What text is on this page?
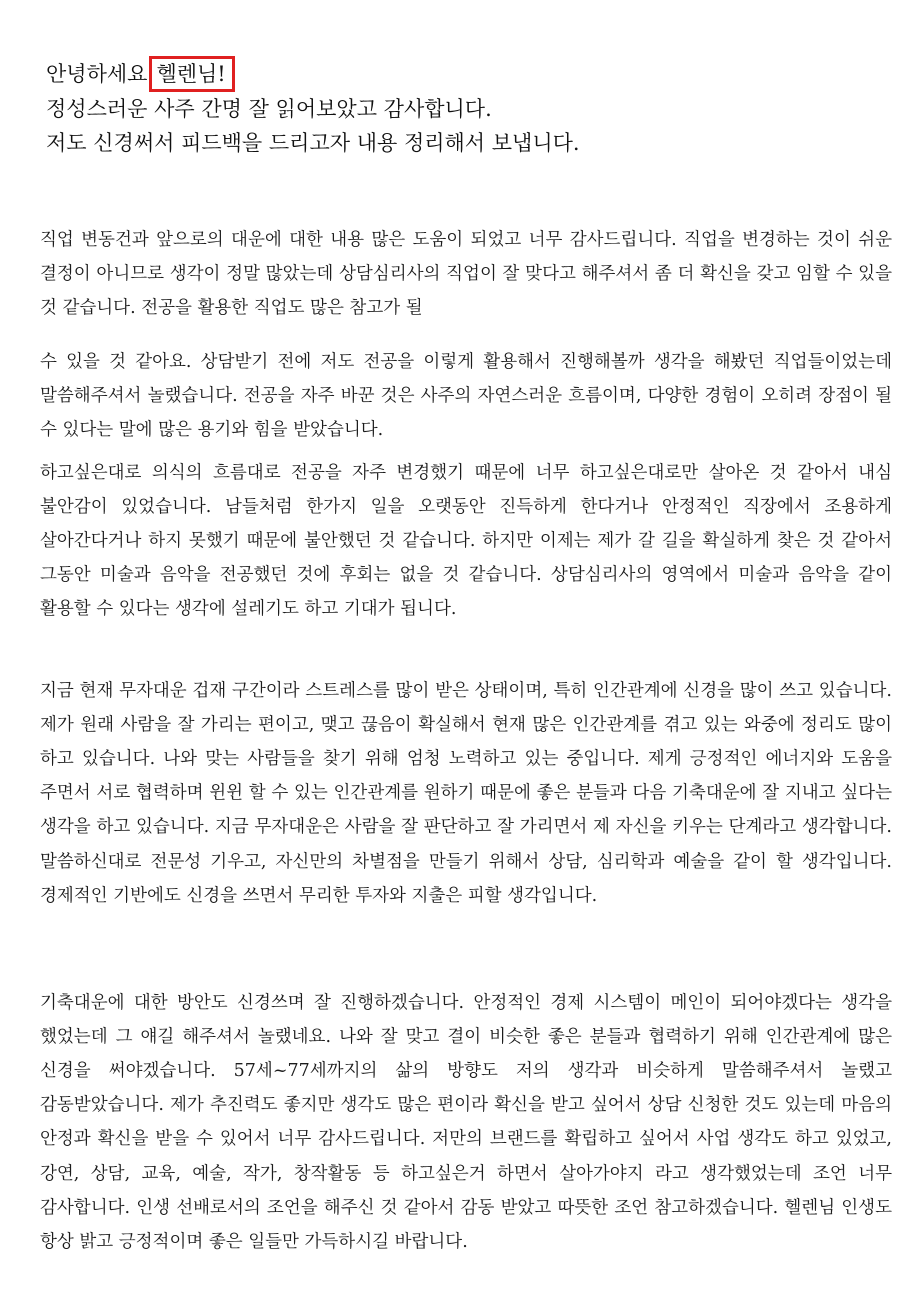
안녕하세요 헬렌님!
정성스러운 사주 간명 잘 읽어보았고 감사합니다.
저도 신경써서 피드백을 드리고자 내용 정리해서 보냅니다.

직업 변동건과 앞으로의 대운에 대한 내용 많은 도움이 되었고 너무 감사드립니다. 직업을 변경하는 것이 쉬운 결정이 아니므로 생각이 정말 많았는데 상담심리사의 직업이 잘 맞다고 해주셔서 좀 더 확신을 갖고 임할 수 있을 것 같습니다. 전공을 활용한 직업도 많은 참고가 될

수 있을 것 같아요. 상담받기 전에 저도 전공을 이렇게 활용해서 진행해볼까 생각을 해봤던 직업들이었는데 말씀해주셔서 놀랬습니다. 전공을 자주 바꾼 것은 사주의 자연스러운 흐름이며, 다양한 경험이 오히려 장점이 될 수 있다는 말에 많은 용기와 힘을 받았습니다.

하고싶은대로 의식의 흐름대로 전공을 자주 변경했기 때문에 너무 하고싶은대로만 살아온 것 같아서 내심 불안감이 있었습니다. 남들처럼 한가지 일을 오랫동안 진득하게 한다거나 안정적인 직장에서 조용하게 살아간다거나 하지 못했기 때문에 불안했던 것 같습니다. 하지만 이제는 제가 갈 길을 확실하게 찾은 것 같아서 그동안 미술과 음악을 전공했던 것에 후회는 없을 것 같습니다. 상담심리사의 영역에서 미술과 음악을 같이 활용할 수 있다는 생각에 설레기도 하고 기대가 됩니다.

지금 현재 무자대운 겁재 구간이라 스트레스를 많이 받은 상태이며, 특히 인간관계에 신경을 많이 쓰고 있습니다. 제가 원래 사람을 잘 가리는 편이고, 맺고 끊음이 확실해서 현재 많은 인간관계를 겪고 있는 와중에 정리도 많이 하고 있습니다. 나와 맞는 사람들을 찾기 위해 엄청 노력하고 있는 중입니다. 제게 긍정적인 에너지와 도움을 주면서 서로 협력하며 윈윈 할 수 있는 인간관계를 원하기 때문에 좋은 분들과 다음 기축대운에 잘 지내고 싶다는 생각을 하고 있습니다. 지금 무자대운은 사람을 잘 판단하고 잘 가리면서 제 자신을 키우는 단계라고 생각합니다. 말씀하신대로 전문성 기우고, 자신만의 차별점을 만들기 위해서 상담, 심리학과 예술을 같이 할 생각입니다. 경제적인 기반에도 신경을 쓰면서 무리한 투자와 지출은 피할 생각입니다.

기축대운에 대한 방안도 신경쓰며 잘 진행하겠습니다. 안정적인 경제 시스템이 메인이 되어야겠다는 생각을 했었는데 그 얘길 해주셔서 놀랬네요. 나와 잘 맞고 결이 비슷한 좋은 분들과 협력하기 위해 인간관계에 많은 신경을 써야겠습니다. 57세~77세까지의 삶의 방향도 저의 생각과 비슷하게 말씀해주셔서 놀랬고 감동받았습니다. 제가 추진력도 좋지만 생각도 많은 편이라 확신을 받고 싶어서 상담 신청한 것도 있는데 마음의 안정과 확신을 받을 수 있어서 너무 감사드립니다. 저만의 브랜드를 확립하고 싶어서 사업 생각도 하고 있었고, 강연, 상담, 교육, 예술, 작가, 창작활동 등 하고싶은거 하면서 살아가야지 라고 생각했었는데 조언 너무 감사합니다. 인생 선배로서의 조언을 해주신 것 같아서 감동 받았고 따뜻한 조언 참고하겠습니다. 헬렌님 인생도 항상 밝고 긍정적이며 좋은 일들만 가득하시길 바랍니다.
